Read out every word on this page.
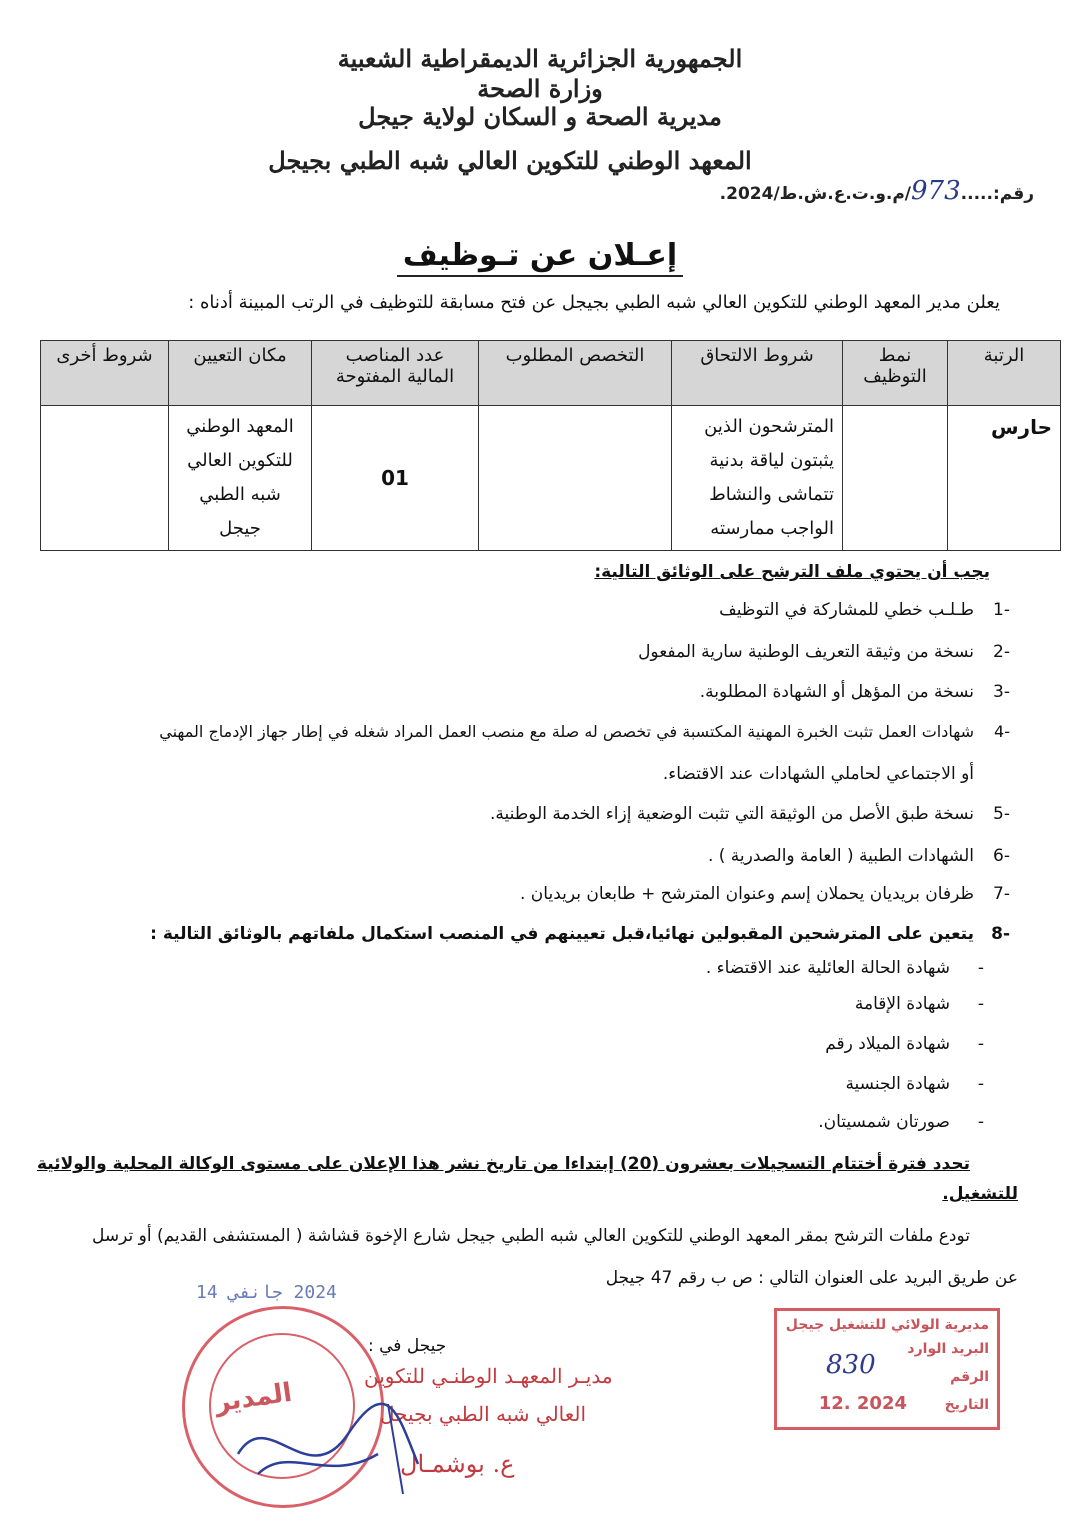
الجمهورية الجزائرية الديمقراطية الشعبية
وزارة الصحة
مديرية الصحة و السكان لولاية جيجل
المعهد الوطني للتكوين العالي شبه الطبي بجيجل
رقم:.....973/م.و.ت.ع.ش.ط/2024.
إعـلان عن تـوظيف
يعلن مدير المعهد الوطني للتكوين العالي شبه الطبي بجيجل عن فتح مسابقة للتوظيف في الرتب المبينة أدناه :
الرتبة	نمط التوظيف	شروط الالتحاق	التخصص المطلوب	عدد المناصب المالية المفتوحة	مكان التعيين	شروط أخرى
حارس		المترشحون الذين يثبتون لياقة بدنية تتماشى والنشاط الواجب ممارسته		01	المعهد الوطني للتكوين العالي شبه الطبي جيجل	
يجب أن يحتوي ملف الترشح على الوثائق التالية:
-1طـلـب خطي للمشاركة في التوظيف
-2نسخة من وثيقة التعريف الوطنية سارية المفعول
-3نسخة من المؤهل أو الشهادة المطلوبة.
-4شهادات العمل تثبت الخبرة المهنية المكتسبة في تخصص له صلة مع منصب العمل المراد شغله في إطار جهاز الإدماج المهني
أو الاجتماعي لحاملي الشهادات عند الاقتضاء.
-5نسخة طبق الأصل من الوثيقة التي تثبت الوضعية إزاء الخدمة الوطنية.
-6الشهادات الطبية ( العامة والصدرية ) .
-7ظرفان بريديان يحملان إسم وعنوان المترشح + طابعان بريديان .
-8يتعين على المترشحين المقبولين نهائيا،قبل تعيينهم في المنصب استكمال ملفاتهم بالوثائق التالية :
-
شهادة الحالة العائلية عند الاقتضاء .
-
شهادة الإقامة
-
شهادة الميلاد رقم
-
شهادة الجنسية
-
صورتان شمسيتان.
تحدد فترة أختتام التسجيلات بعشرون (20) إبتداءا من تاريخ نشر هذا الإعلان على مستوى الوكالة المحلية والولائية
للتشغيل.
تودع ملفات الترشح بمقر المعهد الوطني للتكوين العالي شبه الطبي جيجل شارع الإخوة قشاشة ( المستشفى القديم) أو ترسل
عن طريق البريد على العنوان التالي : ص ب رقم 47 جيجل
2024 جانفي 14
المدير
جيجل في :
مديـر المعهـد الوطنـي للتكوين
العالي شبه الطبي بجيجل
ع. بوشمـال
مديرية الولائي للتشغيل جيجل
البريد الوارد
الرقم
التاريخ
2024 .12
830
